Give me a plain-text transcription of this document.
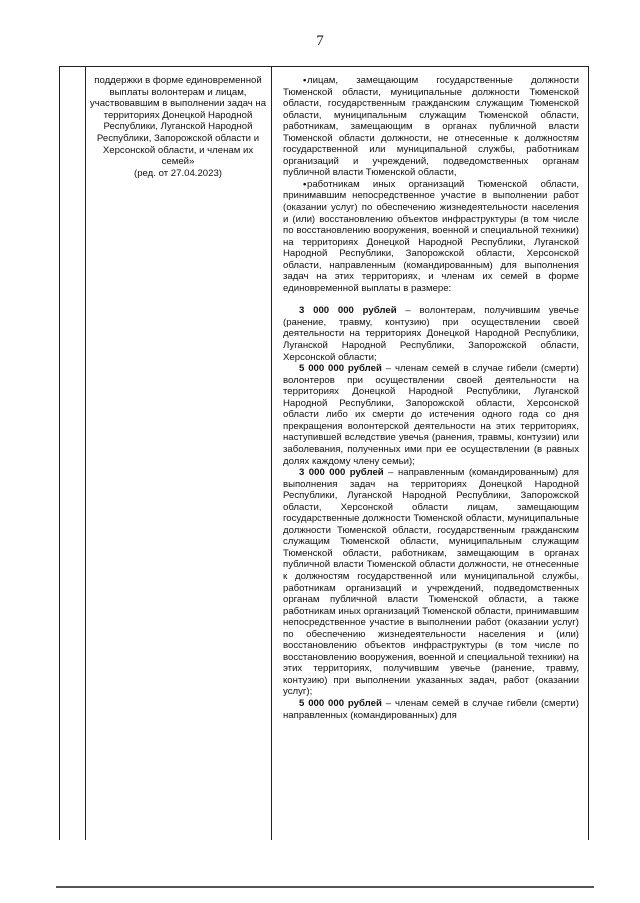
7
поддержки в форме единовременной выплаты волонтерам и лицам, участвовавшим в выполнении задач на территориях Донецкой Народной Республики, Луганской Народной Республики, Запорожской области и Херсонской области, и членам их семей»
(ред. от 27.04.2023)

•лицам, замещающим государственные должности Тюменской области, муниципальные должности Тюменской области, государственным гражданским служащим Тюменской области, муниципальным служащим Тюменской области, работникам, замещающим в органах публичной власти Тюменской области должности, не отнесенные к должностям государственной или муниципальной службы, работникам организаций и учреждений, подведомственных органам публичной власти Тюменской области,

•работникам иных организаций Тюменской области, принимавшим непосредственное участие в выполнении работ (оказании услуг) по обеспечению жизнедеятельности населения и (или) восстановлению объектов инфраструктуры (в том числе по восстановлению вооружения, военной и специальной техники) на территориях Донецкой Народной Республики, Луганской Народной Республики, Запорожской области, Херсонской области, направленным (командированным) для выполнения задач на этих территориях, и членам их семей в форме единовременной выплаты в размере:

3 000 000 рублей – волонтерам, получившим увечье (ранение, травму, контузию) при осуществлении своей деятельности на территориях Донецкой Народной Республики, Луганской Народной Республики, Запорожской области, Херсонской области;

5 000 000 рублей – членам семей в случае гибели (смерти) волонтеров при осуществлении своей деятельности на территориях Донецкой Народной Республики, Луганской Народной Республики, Запорожской области, Херсонской области либо их смерти до истечения одного года со дня прекращения волонтерской деятельности на этих территориях, наступившей вследствие увечья (ранения, травмы, контузии) или заболевания, полученных ими при ее осуществлении (в равных долях каждому члену семьи);

3 000 000 рублей – направленным (командированным) для выполнения задач на территориях Донецкой Народной Республики, Луганской Народной Республики, Запорожской области, Херсонской области лицам, замещающим государственные должности Тюменской области, муниципальные должности Тюменской области, государственным гражданским служащим Тюменской области, муниципальным служащим Тюменской области, работникам, замещающим в органах публичной власти Тюменской области должности, не отнесенные к должностям государственной или муниципальной службы, работникам организаций и учреждений, подведомственных органам публичной власти Тюменской области, а также работникам иных организаций Тюменской области, принимавшим непосредственное участие в выполнении работ (оказании услуг) по обеспечению жизнедеятельности населения и (или) восстановлению объектов инфраструктуры (в том числе по восстановлению вооружения, военной и специальной техники) на этих территориях, получившим увечье (ранение, травму, контузию) при выполнении указанных задач, работ (оказании услуг);

5 000 000 рублей – членам семей в случае гибели (смерти) направленных (командированных) для
